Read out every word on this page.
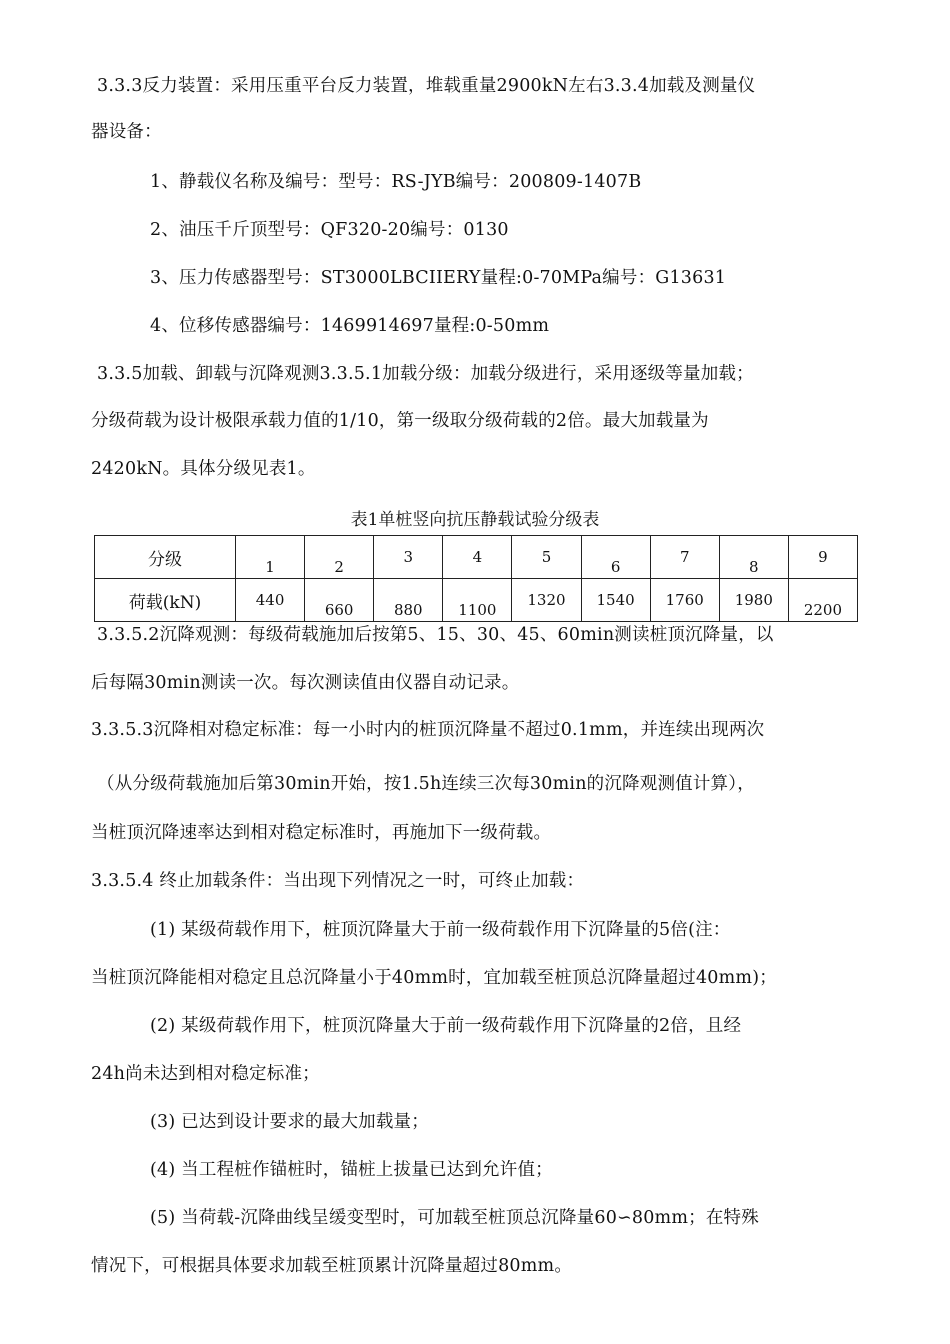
3.3.3反力装置：采用压重平台反力装置，堆载重量2900kN左右3.3.4加载及测量仪
器设备：
1、静载仪名称及编号：型号：RS-JYB编号：200809-1407B
2、油压千斤顶型号：QF320-20编号：0130
3、压力传感器型号：ST3000LBCIIERY量程:0-70MPa编号：G13631
4、位移传感器编号：1469914697量程:0-50mm
3.3.5加载、卸载与沉降观测3.3.5.1加载分级：加载分级进行，采用逐级等量加载；
分级荷载为设计极限承载力值的1/10，第一级取分级荷载的2倍。最大加载量为
2420kN。具体分级见表1。
表1单桩竖向抗压静载试验分级表
分级	1	2	3	4	5	6	7	8	9
荷载(kN)	440	660	880	1100	1320	1540	1760	1980	2200
3.3.5.2沉降观测：每级荷载施加后按第5、15、30、45、60min测读桩顶沉降量，以
后每隔30min测读一次。每次测读值由仪器自动记录。
3.3.5.3沉降相对稳定标准：每一小时内的桩顶沉降量不超过0.1mm，并连续出现两次
（从分级荷载施加后第30min开始，按1.5h连续三次每30min的沉降观测值计算），
当桩顶沉降速率达到相对稳定标准时，再施加下一级荷载。
3.3.5.4 终止加载条件：当出现下列情况之一时，可终止加载：
(1) 某级荷载作用下，桩顶沉降量大于前一级荷载作用下沉降量的5倍(注：
当桩顶沉降能相对稳定且总沉降量小于40mm时，宜加载至桩顶总沉降量超过40mm)；
(2) 某级荷载作用下，桩顶沉降量大于前一级荷载作用下沉降量的2倍，且经
24h尚未达到相对稳定标准；
(3) 已达到设计要求的最大加载量；
(4) 当工程桩作锚桩时，锚桩上拔量已达到允许值；
(5) 当荷载-沉降曲线呈缓变型时，可加载至桩顶总沉降量60∽80mm；在特殊
情况下，可根据具体要求加载至桩顶累计沉降量超过80mm。
